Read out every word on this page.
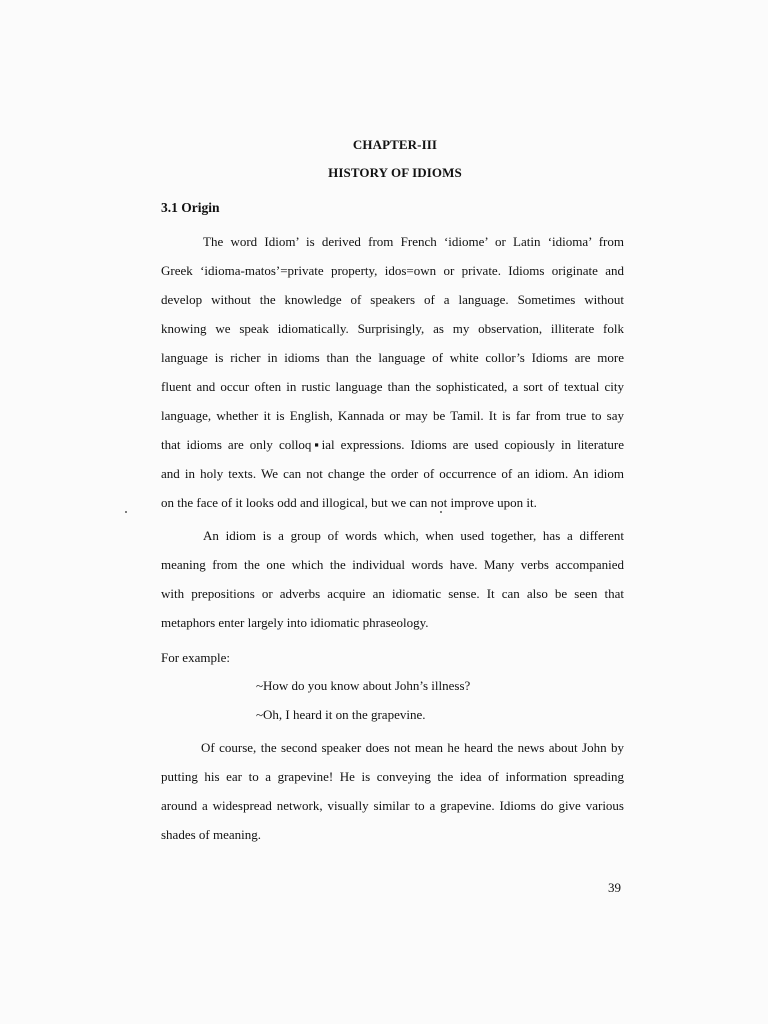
CHAPTER-III
HISTORY OF IDIOMS
3.1 Origin
The word Idiom’ is derived from French ‘idiome’ or Latin ‘idioma’ from
Greek ‘idioma-matos’=private property, idos=own or private. Idioms originate and
develop without the knowledge of speakers of a language. Sometimes without
knowing we speak idiomatically. Surprisingly, as my observation, illiterate folk
language is richer in idioms than the language of white collor’s Idioms are more
fluent and occur often in rustic language than the sophisticated, a sort of textual city
language, whether it is English, Kannada or may be Tamil. It is far from true to say
that idioms are only colloq▪ial expressions. Idioms are used copiously in literature
and in holy texts. We can not change the order of occurrence of an idiom. An idiom
on the face of it looks odd and illogical, but we can not improve upon it.
An idiom is a group of words which, when used together, has a different
meaning from the one which the individual words have. Many verbs accompanied
with prepositions or adverbs acquire an idiomatic sense. It can also be seen that
metaphors enter largely into idiomatic phraseology.
For example:
~How do you know about John’s illness?
~Oh, I heard it on the grapevine.
Of course, the second speaker does not mean he heard the news about John by
putting his ear to a grapevine! He is conveying the idea of information spreading
around a widespread network, visually similar to a grapevine. Idioms do give various
shades of meaning.
39
